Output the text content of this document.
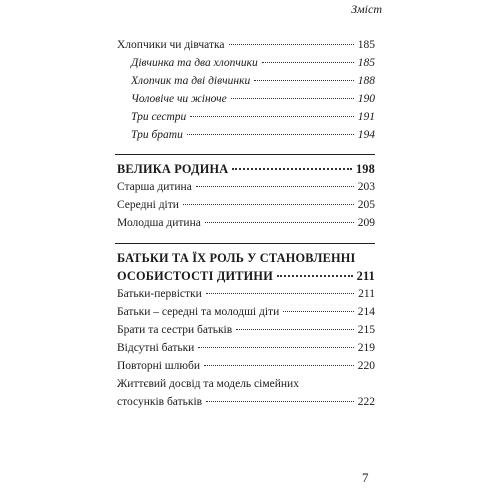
Зміст
Хлопчики чи дівчатка	185
Дівчинка та два хлопчики	185
Хлопчик та дві дівчинки	188
Чоловіче чи жіноче	190
Три сестри	191
Три брати	194
ВЕЛИКА РОДИНА	198
Старша дитина	203
Середні діти	205
Молодша дитина	209
БАТЬКИ ТА ЇХ РОЛЬ У СТАНОВЛЕННІ
ОСОБИСТОСТІ ДИТИНИ	211
Батьки-первістки	211
Батьки – середні та молодші діти	214
Брати та сестри батьків	215
Відсутні батьки	219
Повторні шлюби	220
Життєвий досвід та модель сімейних
стосунків батьків	222
7
